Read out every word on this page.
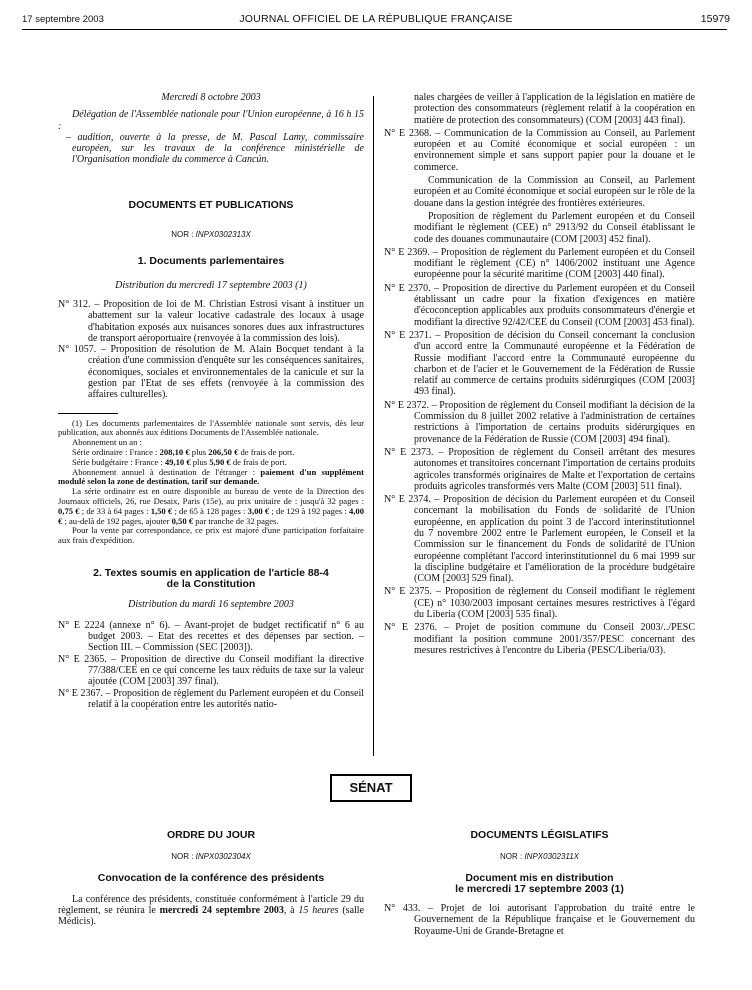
17 septembre 2003	JOURNAL OFFICIEL DE LA RÉPUBLIQUE FRANÇAISE	15979

Mercredi 8 octobre 2003

Délégation de l'Assemblée nationale pour l'Union européenne, à 16 h 15 :

– audition, ouverte à la presse, de M. Pascal Lamy, commissaire européen, sur les travaux de la conférence ministérielle de l'Organisation mondiale du commerce à Cancún.

DOCUMENTS ET PUBLICATIONS

NOR : INPX0302313X

1. Documents parlementaires

Distribution du mercredi 17 septembre 2003 (1)

N° 312. – Proposition de loi de M. Christian Estrosi visant à instituer un abattement sur la valeur locative cadastrale des locaux à usage d'habitation exposés aux nuisances sonores dues aux infrastructures de transport aéroportuaire (renvoyée à la commission des lois).

N° 1057. – Proposition de résolution de M. Alain Bocquet tendant à la création d'une commission d'enquête sur les conséquences sanitaires, économiques, sociales et environnementales de la canicule et sur la gestion par l'Etat de ses effets (renvoyée à la commission des affaires culturelles).

(1) Les documents parlementaires de l'Assemblée nationale sont servis, dès leur publication, aux abonnés aux éditions Documents de l'Assemblée nationale.

Abonnement un an :

Série ordinaire : France : 208,10 € plus 206,50 € de frais de port.

Série budgétaire : France : 49,10 € plus 5,90 € de frais de port.

Abonnement annuel à destination de l'étranger : paiement d'un supplément modulé selon la zone de destination, tarif sur demande.

La série ordinaire est en outre disponible au bureau de vente de la Direction des Journaux officiels, 26, rue Desaix, Paris (15e), au prix unitaire de : jusqu'à 32 pages : 0,75 € ; de 33 à 64 pages : 1,50 € ; de 65 à 128 pages : 3,00 € ; de 129 à 192 pages : 4,00 € ; au-delà de 192 pages, ajouter 0,50 € par tranche de 32 pages.

Pour la vente par correspondance, ce prix est majoré d'une participation forfaitaire aux frais d'expédition.

2. Textes soumis en application de l'article 88-4

de la Constitution

Distribution du mardi 16 septembre 2003

N° E 2224 (annexe n° 6). – Avant-projet de budget rectificatif n° 6 au budget 2003. – Etat des recettes et des dépenses par section. – Section III. – Commission (SEC [2003]).

N° E 2365. – Proposition de directive du Conseil modifiant la directive 77/388/CEE en ce qui concerne les taux réduits de taxe sur la valeur ajoutée (COM [2003] 397 final).

N° E 2367. – Proposition de règlement du Parlement européen et du Conseil relatif à la coopération entre les autorités natio-

nales chargées de veiller à l'application de la législation en matière de protection des consommateurs (règlement relatif à la coopération en matière de protection des consommateurs) (COM [2003] 443 final).

N° E 2368. – Communication de la Commission au Conseil, au Parlement européen et au Comité économique et social européen : un environnement simple et sans support papier pour la douane et le commerce.

Communication de la Commission au Conseil, au Parlement européen et au Comité économique et social européen sur le rôle de la douane dans la gestion intégrée des frontières extérieures.

Proposition de règlement du Parlement européen et du Conseil modifiant le règlement (CEE) n° 2913/92 du Conseil établissant le code des douanes communautaire (COM [2003] 452 final).

N° E 2369. – Proposition de règlement du Parlement européen et du Conseil modifiant le règlement (CE) n° 1406/2002 instituant une Agence européenne pour la sécurité maritime (COM [2003] 440 final).

N° E 2370. – Proposition de directive du Parlement européen et du Conseil établissant un cadre pour la fixation d'exigences en matière d'écoconception applicables aux produits consommateurs d'énergie et modifiant la directive 92/42/CEE du Conseil (COM [2003] 453 final).

N° E 2371. – Proposition de décision du Conseil concernant la conclusion d'un accord entre la Communauté européenne et la Fédération de Russie modifiant l'accord entre la Communauté européenne du charbon et de l'acier et le Gouvernement de la Fédération de Russie relatif au commerce de certains produits sidérurgiques (COM [2003] 493 final).

N° E 2372. – Proposition de règlement du Conseil modifiant la décision de la Commission du 8 juillet 2002 relative à l'administration de certaines restrictions à l'importation de certains produits sidérurgiques en provenance de la Fédération de Russie (COM [2003] 494 final).

N° E 2373. – Proposition de règlement du Conseil arrêtant des mesures autonomes et transitoires concernant l'importation de certains produits agricoles transformés originaires de Malte et l'exportation de certains produits agricoles transformés vers Malte (COM [2003] 511 final).

N° E 2374. – Proposition de décision du Parlement européen et du Conseil concernant la mobilisation du Fonds de solidarité de l'Union européenne, en application du point 3 de l'accord interinstitutionnel du 7 novembre 2002 entre le Parlement européen, le Conseil et la Commission sur le financement du Fonds de solidarité de l'Union européenne complétant l'accord interinstitutionnel du 6 mai 1999 sur la discipline budgétaire et l'amélioration de la procédure budgétaire (COM [2003] 529 final).

N° E 2375. – Proposition de règlement du Conseil modifiant le règlement (CE) n° 1030/2003 imposant certaines mesures restrictives à l'égard du Liberia (COM [2003] 535 final).

N° E 2376. – Projet de position commune du Conseil 2003/../PESC modifiant la position commune 2001/357/PESC concernant des mesures restrictives à l'encontre du Liberia (PESC/Liberia/03).

SÉNAT

ORDRE DU JOUR

NOR : INPX0302304X

Convocation de la conférence des présidents

La conférence des présidents, constituée conformément à l'article 29 du règlement, se réunira le mercredi 24 septembre 2003, à 15 heures (salle Médicis).

DOCUMENTS LÉGISLATIFS

NOR : INPX0302311X

Document mis en distribution

le mercredi 17 septembre 2003 (1)

N° 433. – Projet de loi autorisant l'approbation du traité entre le Gouvernement de la République française et le Gouvernement du Royaume-Uni de Grande-Bretagne et
